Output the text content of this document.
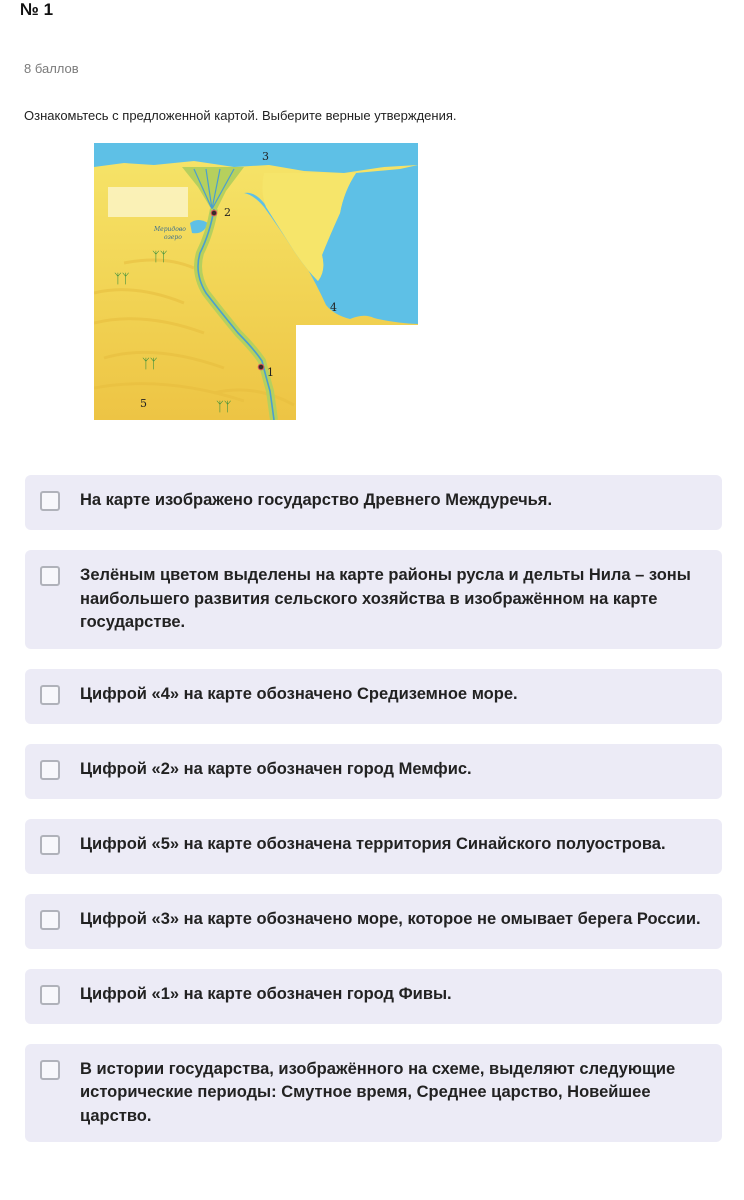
№ 1
8 баллов
Ознакомьтесь с предложенной картой. Выберите верные утверждения.
Меридово
озеро
ᛉᛉ
ᛉᛉ
ᛉᛉ
ᛉᛉ
3
2
4
1
5
На карте изображено государство Древнего Междуречья.
Зелёным цветом выделены на карте районы русла и дельты Нила – зоны наибольшего развития сельского хозяйства в изображённом на карте государстве.
Цифрой «4» на карте обозначено Средиземное море.
Цифрой «2» на карте обозначен город Мемфис.
Цифрой «5» на карте обозначена территория Синайского полуострова.
Цифрой «3» на карте обозначено море, которое не омывает берега России.
Цифрой «1» на карте обозначен город Фивы.
В истории государства, изображённого на схеме, выделяют следующие исторические периоды: Смутное время, Среднее царство, Новейшее царство.
